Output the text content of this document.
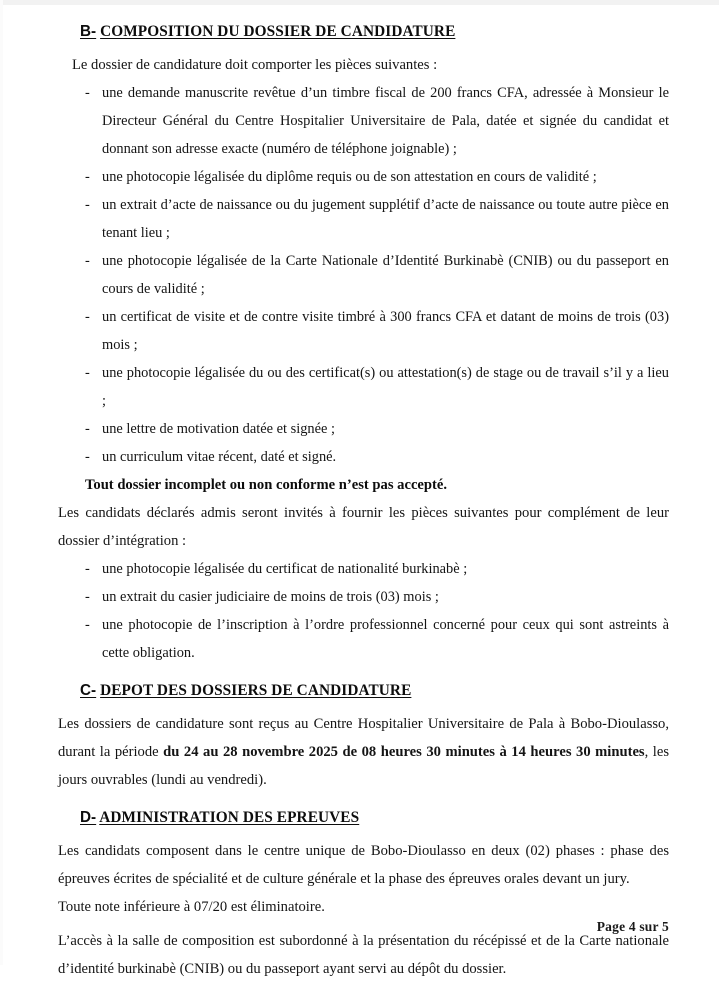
B- COMPOSITION DU DOSSIER DE CANDIDATURE

Le dossier de candidature doit comporter les pièces suivantes :

- une demande manuscrite revêtue d’un timbre fiscal de 200 francs CFA, adressée à Monsieur le Directeur Général du Centre Hospitalier Universitaire de Pala, datée et signée du candidat et donnant son adresse exacte (numéro de téléphone joignable) ;
- une photocopie légalisée du diplôme requis ou de son attestation en cours de validité ;
- un extrait d’acte de naissance ou du jugement supplétif d’acte de naissance ou toute autre pièce en tenant lieu ;
- une photocopie légalisée de la Carte Nationale d’Identité Burkinabè (CNIB) ou du passeport en cours de validité ;
- un certificat de visite et de contre visite timbré à 300 francs CFA et datant de moins de trois (03) mois ;
- une photocopie légalisée du ou des certificat(s) ou attestation(s) de stage ou de travail s’il y a lieu ;
- une lettre de motivation datée et signée ;
- un curriculum vitae récent, daté et signé.

Tout dossier incomplet ou non conforme n’est pas accepté.

Les candidats déclarés admis seront invités à fournir les pièces suivantes pour complément de leur dossier d’intégration :

- une photocopie légalisée du certificat de nationalité burkinabè ;
- un extrait du casier judiciaire de moins de trois (03) mois ;
- une photocopie de l’inscription à l’ordre professionnel concerné pour ceux qui sont astreints à cette obligation.
C- DEPOT DES DOSSIERS DE CANDIDATURE

Les dossiers de candidature sont reçus au Centre Hospitalier Universitaire de Pala à Bobo-Dioulasso, durant la période du 24 au 28 novembre 2025 de 08 heures 30 minutes à 14 heures 30 minutes, les jours ouvrables (lundi au vendredi).

D- ADMINISTRATION DES EPREUVES

Les candidats composent dans le centre unique de Bobo-Dioulasso en deux (02) phases : phase des épreuves écrites de spécialité et de culture générale et la phase des épreuves orales devant un jury.

Toute note inférieure à 07/20 est éliminatoire.

L’accès à la salle de composition est subordonné à la présentation du récépissé et de la Carte nationale d’identité burkinabè (CNIB) ou du passeport ayant servi au dépôt du dossier.

Page 4 sur 5
